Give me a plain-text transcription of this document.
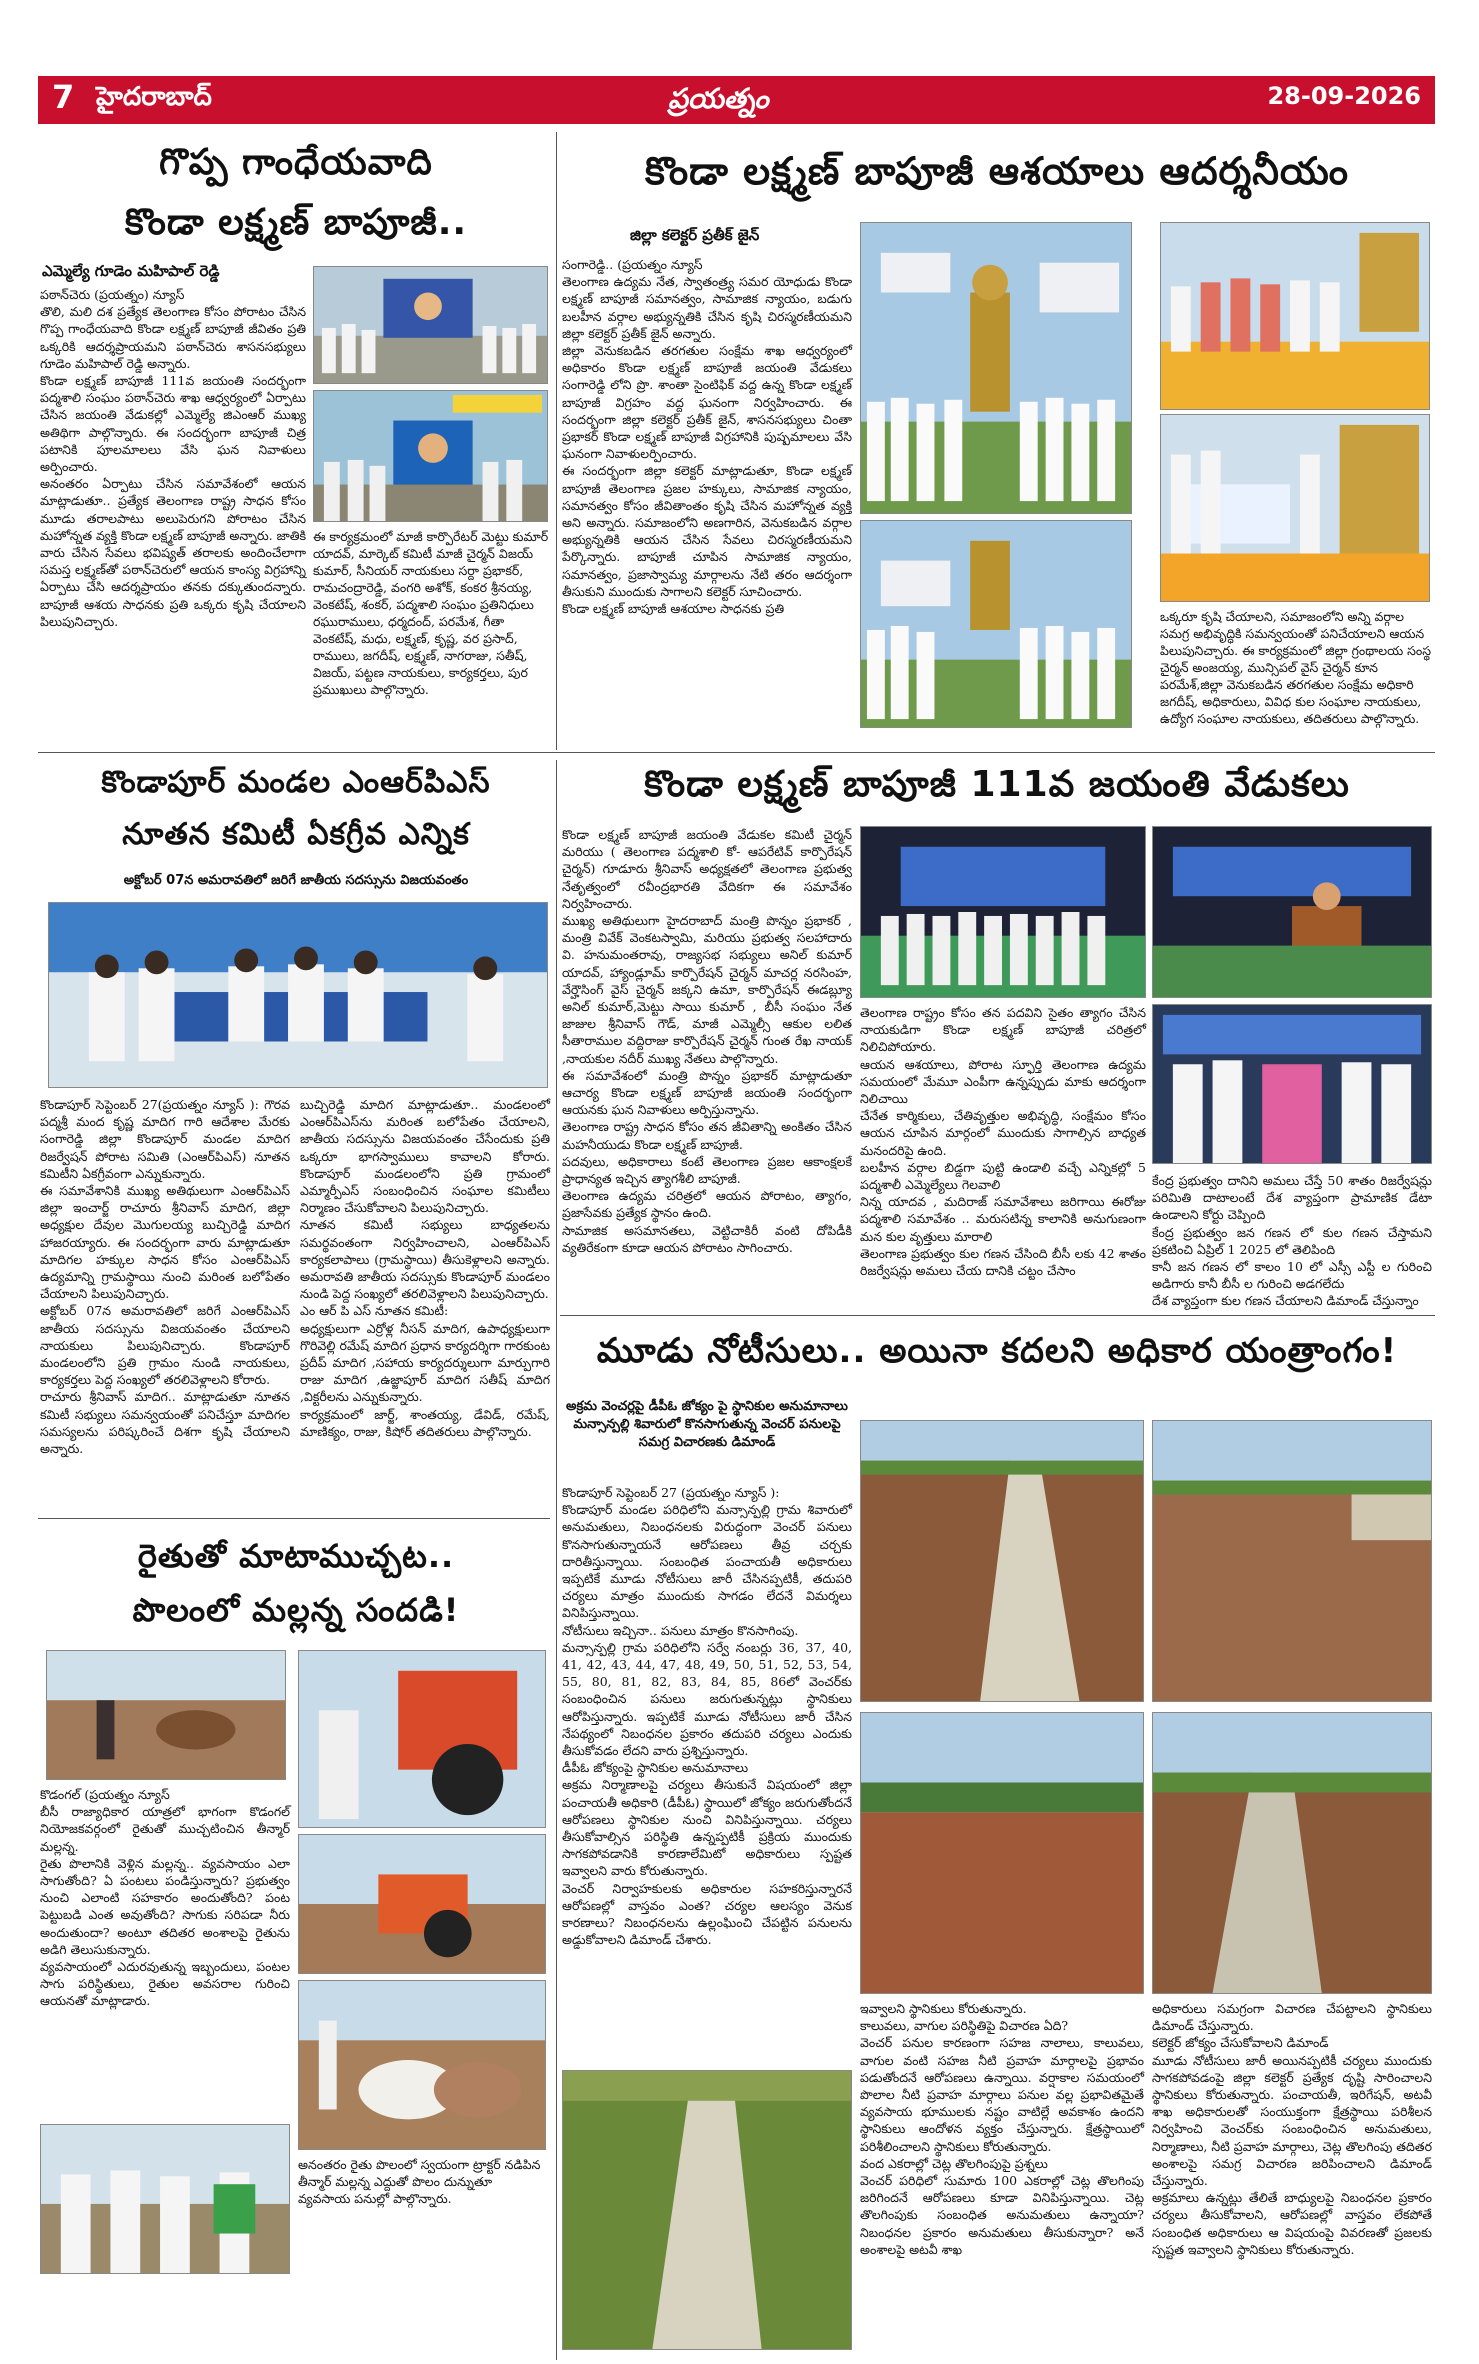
7 హైదరాబాద్	ప్రయత్నం	28-09-2026
గొప్ప గాంధేయవాది
కొండా లక్ష్మణ్ బాపూజీ..
ఎమ్మెల్యే గూడెం మహిపాల్ రెడ్డి
పఠాన్‌చెరు (ప్రయత్నం) న్యూస్
తొలి, మలి దశ ప్రత్యేక తెలంగాణ కోసం పోరాటం చేసిన గొప్ప గాంధేయవాది కొండా లక్ష్మణ్ బాపూజీ జీవితం ప్రతి ఒక్కరికి ఆదర్శప్రాయమని పఠాన్‌చెరు శాసనసభ్యులు గూడెం మహిపాల్ రెడ్డి అన్నారు.
కొండా లక్ష్మణ్ బాపూజీ 111వ జయంతి సందర్భంగా పద్మశాలి సంఘం పఠాన్‌చెరు శాఖ ఆధ్వర్యంలో ఏర్పాటు చేసిన జయంతి వేడుకల్లో ఎమ్మెల్యే జిఎంఆర్ ముఖ్య అతిథిగా పాల్గొన్నారు. ఈ సందర్భంగా బాపూజీ చిత్ర పటానికి పూలమాలలు వేసి ఘన నివాళులు అర్పించారు.
అనంతరం ఏర్పాటు చేసిన సమావేశంలో ఆయన మాట్లాడుతూ.. ప్రత్యేక తెలంగాణ రాష్ట్ర సాధన కోసం మూడు తరాలపాటు అలుపెరుగని పోరాటం చేసిన మహోన్నత వ్యక్తి కొండా లక్ష్మణ్ బాపూజీ అన్నారు. జాతికి వారు చేసిన సేవలు భవిష్యత్ తరాలకు అందించేలాగా సమస్త లక్ష్మణ్‌తో పఠాన్‌చెరులో ఆయన కాంస్య విగ్రహాన్ని ఏర్పాటు చేసి ఆదర్శప్రాయం తనకు దక్కుతుందన్నారు. బాపూజీ ఆశయ సాధనకు ప్రతి ఒక్కరు కృషి చేయాలని పిలుపునిచ్చారు.
ఈ కార్యక్రమంలో మాజీ కార్పొరేటర్ మెట్టు కుమార్ యాదవ్, మార్కెట్ కమిటీ మాజీ చైర్మన్ విజయ్ కుమార్, సీనియర్ నాయకులు సర్దా ప్రభాకర్, రామచంద్రారెడ్డి, వంగరి అశోక్, కంకర శ్రీనయ్య, వెంకటేష్, శంకర్, పద్మశాలి సంఘం ప్రతినిధులు రఘురాములు, ధర్మదంద్, పరమేశ, గీతా వెంకటేష్, మధు, లక్ష్మణ్, కృష్ణ, వర ప్రసాద్, రాములు, జగదీష్, లక్ష్మణ్, నాగరాజు, సతీష్, విజయ్, పట్టణ నాయకులు, కార్యకర్తలు, పుర ప్రముఖులు పాల్గొన్నారు.
కొండా లక్ష్మణ్ బాపూజీ ఆశయాలు ఆదర్శనీయం
జిల్లా కలెక్టర్ ప్రతీక్ జైన్
సంగారెడ్డి.. (ప్రయత్నం న్యూస్
తెలంగాణ ఉద్యమ నేత, స్వాతంత్ర్య సమర యోధుడు కొండా లక్ష్మణ్ బాపూజీ సమానత్వం, సామాజిక న్యాయం, బడుగు బలహీన వర్గాల అభ్యున్నతికి చేసిన కృషి చిరస్మరణీయమని జిల్లా కలెక్టర్ ప్రతీక్ జైన్ అన్నారు.
జిల్లా వెనుకబడిన తరగతుల సంక్షేమ శాఖ ఆధ్వర్యంలో అధికారం కొండా లక్ష్మణ్ బాపూజీ జయంతి వేడుకలు సంగారెడ్డి లోని ప్రొ. శాంతా సైంటిఫిక్ వద్ద ఉన్న కొండా లక్ష్మణ్ బాపూజీ విగ్రహం వద్ద ఘనంగా నిర్వహించారు. ఈ సందర్భంగా జిల్లా కలెక్టర్ ప్రతీక్ జైన్, శాసనసభ్యులు చింతా ప్రభాకర్ కొండా లక్ష్మణ్ బాపూజీ విగ్రహానికి పుష్పమాలలు వేసి ఘనంగా నివాళులర్పించారు.
ఈ సందర్భంగా జిల్లా కలెక్టర్ మాట్లాడుతూ, కొండా లక్ష్మణ్ బాపూజీ తెలంగాణ ప్రజల హక్కులు, సామాజిక న్యాయం, సమానత్వం కోసం జీవితాంతం కృషి చేసిన మహోన్నత వ్యక్తి అని అన్నారు. సమాజంలోని అణగారిన, వెనుకబడిన వర్గాల అభ్యున్నతికి ఆయన చేసిన సేవలు చిరస్మరణీయమని పేర్కొన్నారు. బాపూజీ చూపిన సామాజిక న్యాయం, సమానత్వం, ప్రజాస్వామ్య మార్గాలను నేటి తరం ఆదర్శంగా తీసుకుని ముందుకు సాగాలని కలెక్టర్ సూచించారు.
కొండా లక్ష్మణ్ బాపూజీ ఆశయాల సాధనకు ప్రతి
ఒక్కరూ కృషి చేయాలని, సమాజంలోని అన్ని వర్గాల సమగ్ర అభివృద్ధికి సమన్వయంతో పనిచేయాలని ఆయన పిలుపునిచ్చారు. ఈ కార్యక్రమంలో జిల్లా గ్రంథాలయ సంస్థ చైర్మన్ అంజయ్య, మున్సిపల్ వైస్ చైర్మన్ కూన పరమేశ్,జిల్లా వెనుకబడిన తరగతుల సంక్షేమ అధికారి జగదీష్, అధికారులు, వివిధ కుల సంఘాల నాయకులు, ఉద్యోగ సంఘాల నాయకులు, తదితరులు పాల్గొన్నారు.
కొండాపూర్ మండల ఎంఆర్‌పిఎస్
నూతన కమిటీ ఏకగ్రీవ ఎన్నిక
అక్టోబర్ 07న అమరావతిలో జరిగే జాతీయ సదస్సును విజయవంతం
కొండాపూర్ సెప్టెంబర్ 27(ప్రయత్నం న్యూస్ ): గౌరవ పద్మశ్రీ మంద కృష్ణ మాదిగ గారి ఆదేశాల మేరకు సంగారెడ్డి జిల్లా కొండాపూర్ మండల మాదిగ రిజర్వేషన్ పోరాట సమితి (ఎంఆర్‌పిఎస్) నూతన కమిటీని ఏకగ్రీవంగా ఎన్నుకున్నారు.
ఈ సమావేశానికి ముఖ్య అతిథులుగా ఎంఆర్‌పిఎస్ జిల్లా ఇంచార్జ్ రాచూరు శ్రీనివాస్ మాదిగ, జిల్లా అధ్యక్షుల దేవుల మొగులయ్య బుచ్చిరెడ్డి మాదిగ హాజరయ్యారు. ఈ సందర్భంగా వారు మాట్లాడుతూ మాదిగల హక్కుల సాధన కోసం ఎంఆర్‌పిఎస్ ఉద్యమాన్ని గ్రామస్థాయి నుంచి మరింత బలోపేతం చేయాలని పిలుపునిచ్చారు.
అక్టోబర్ 07న అమరావతిలో జరిగే ఎంఆర్‌పిఎస్ జాతీయ సదస్సును విజయవంతం చేయాలని నాయకులు పిలుపునిచ్చారు. కొండాపూర్ మండలంలోని ప్రతి గ్రామం నుండి నాయకులు, కార్యకర్తలు పెద్ద సంఖ్యలో తరలివెళ్లాలని కోరారు.
రాచూరు శ్రీనివాస్ మాదిగ.. మాట్లాడుతూ నూతన కమిటీ సభ్యులు సమన్వయంతో పనిచేస్తూ మాదిగల సమస్యలను పరిష్కరించే దిశగా కృషి చేయాలని అన్నారు.
బుచ్చిరెడ్డి మాదిగ మాట్లాడుతూ.. మండలంలో ఎంఆర్‌పిఎస్‌ను మరింత బలోపేతం చేయాలని, జాతీయ సదస్సును విజయవంతం చేసేందుకు ప్రతి ఒక్కరూ భాగస్వాములు కావాలని కోరారు. కొండాపూర్ మండలంలోని ప్రతి గ్రామంలో ఎమ్మార్పీఎస్ సంబంధించిన సంఘాల కమిటీలు నిర్మాణం చేసుకోవాలని పిలుపునిచ్చారు.
నూతన కమిటీ సభ్యులు బాధ్యతలను సమర్థవంతంగా నిర్వహించాలని, ఎంఆర్‌పిఎస్ కార్యకలాపాలు (గ్రామస్థాయి) తీసుకెళ్లాలని అన్నారు. అమరావతి జాతీయ సదస్సుకు కొండాపూర్ మండలం నుండి పెద్ద సంఖ్యలో తరలివెళ్లాలని పిలుపునిచ్చారు.
ఎం ఆర్ పి ఎస్ నూతన కమిటీ:
అధ్యక్షులుగా ఎర్రోళ్ల నీసన్ మాదిగ, ఉపాధ్యక్షులుగా గొరివెల్లి రమేష్ మాదిగ ప్రధాన కార్యదర్శిగా గారకుంట ప్రదీప్ మాదిగ ,సహాయ కార్యదర్శులుగా మార్పుగారి రాజు మాదిగ ,ఉజ్జాపూర్ మాదిగ సతీష్ మాదిగ ,విక్టరీ‌లను ఎన్నుకున్నారు.
కార్యక్రమంలో జార్జ్, శాంతయ్య, డేవిడ్, రమేష్, మాణిక్యం, రాజు, కిషోర్ తదితరులు పాల్గొన్నారు.
రైతుతో మాటాముచ్చట..
పొలంలో మల్లన్న సందడి!
కొడంగల్ (ప్రయత్నం న్యూస్
బీసీ రాజ్యాధికార యాత్రలో భాగంగా కొడంగల్ నియోజకవర్గంలో రైతుతో ముచ్చటించిన తీన్మార్ మల్లన్న.
రైతు పొలానికి వెళ్లిన మల్లన్న.. వ్యవసాయం ఎలా సాగుతోంది? ఏ పంటలు పండిస్తున్నారు? ప్రభుత్వం నుంచి ఎలాంటి సహకారం అందుతోంది? పంట పెట్టుబడి ఎంత అవుతోంది? సాగుకు సరిపడా నీరు అందుతుందా? అంటూ తదితర అంశాలపై రైతును అడిగి తెలుసుకున్నారు.
వ్యవసాయంలో ఎదురవుతున్న ఇబ్బందులు, పంటల సాగు పరిస్థితులు, రైతుల అవసరాల గురించి ఆయనతో మాట్లాడారు.
అనంతరం రైతు పొలంలో స్వయంగా ట్రాక్టర్ నడిపిన తీన్మార్ మల్లన్న ఎద్దుతో పొలం దున్నుతూ వ్యవసాయ పనుల్లో పాల్గొన్నారు.
కొండా లక్ష్మణ్ బాపూజీ 111వ జయంతి వేడుకలు
కొండా లక్ష్మణ్ బాపూజీ జయంతి వేడుకల కమిటీ చైర్మన్ మరియు ( తెలంగాణ పద్మశాలి కో- ఆపరేటివ్ కార్పొరేషన్ చైర్మన్) గూడూరు శ్రీనివాస్ అధ్యక్షతలో తెలంగాణ ప్రభుత్వ నేతృత్వంలో రవీంద్రభారతి వేదికగా ఈ సమావేశం నిర్వహించారు.
ముఖ్య అతిథులుగా హైదరాబాద్ మంత్రి పొన్నం ప్రభాకర్ , మంత్రి వివేక్ వెంకటస్వామి, మరియు ప్రభుత్వ సలహాదారు వి. హనుమంతరావు, రాజ్యసభ సభ్యులు అనిల్ కుమార్ యాదవ్, హ్యాండ్లూమ్ కార్పొరేషన్ చైర్మన్ మాచర్ల నరసింహ, వేర్హౌసింగ్ వైస్ చైర్మన్ జక్కని ఉమా, కార్పొరేషన్ ఈడబ్ల్యూ అనిల్ కుమార్,మెట్టు సాయి కుమార్ , బీసీ సంఘం నేత జాజుల శ్రీనివాస్ గౌడ్, మాజీ ఎమ్మెల్సీ ఆకుల లలిత సీతారాముల వద్దిరాజు కార్పొరేషన్ చైర్మన్ గుంత రేఖ నాయక్ ,నాయకుల నదీర్ ముఖ్య నేతలు పాల్గొన్నారు.
ఈ సమావేశంలో మంత్రి పొన్నం ప్రభాకర్ మాట్లాడుతూ ఆచార్య కొండా లక్ష్మణ్ బాపూజీ జయంతి సందర్భంగా ఆయనకు ఘన నివాళులు అర్పిస్తున్నాను.
తెలంగాణ రాష్ట్ర సాధన కోసం తన జీవితాన్ని అంకితం చేసిన మహనీయుడు కొండా లక్ష్మణ్ బాపూజీ.
పదవులు, అధికారాలు కంటే తెలంగాణ ప్రజల ఆకాంక్షలకే ప్రాధాన్యత ఇచ్చిన త్యాగశీలి బాపూజీ.
తెలంగాణ ఉద్యమ చరిత్రలో ఆయన పోరాటం, త్యాగం, ప్రజాసేవకు ప్రత్యేక స్థానం ఉంది.
సామాజిక అసమానతలు, వెట్టిచాకిరీ వంటి దోపిడీకి వ్యతిరేకంగా కూడా ఆయన పోరాటం సాగించారు.
తెలంగాణ రాష్ట్రం కోసం తన పదవిని సైతం త్యాగం చేసిన నాయకుడిగా కొండా లక్ష్మణ్ బాపూజీ చరిత్రలో నిలిచిపోయారు.
ఆయన ఆశయాలు, పోరాట స్ఫూర్తి తెలంగాణ ఉద్యమ సమయంలో మేమూ ఎంపీగా ఉన్నప్పుడు మాకు ఆదర్శంగా నిలిచాయి
చేనేత కార్మికులు, చేతివృత్తుల అభివృద్ధి, సంక్షేమం కోసం ఆయన చూపిన మార్గంలో ముందుకు సాగాల్సిన బాధ్యత మనందరిపై ఉంది.
బలహీన వర్గాల బిడ్డగా పుట్టి ఉండాలి వచ్చే ఎన్నికల్లో 5 పద్మశాలీ ఎమ్మెల్యేలు గెలవాలి
నిన్న యాదవ , మదిరాజ్ సమావేశాలు జరిగాయి ఈరోజు పద్మశాలి సమావేశం .. మరుసటిన్న కాలానికి అనుగుణంగా మన కుల వృత్తులు మారాలి
తెలంగాణ ప్రభుత్వం కుల గణన చేసింది బీసీ లకు 42 శాతం రిజర్వేషన్లు అమలు చేయ దానికి చట్టం చేసాం
కేంద్ర ప్రభుత్వం దానిని అమలు చేస్తే 50 శాతం రిజర్వేషన్లు పరిమితి దాటాలంటే దేశ వ్యాప్తంగా ప్రామాణిక డేటా ఉండాలని కోర్టు చెప్పింది
కేంద్ర ప్రభుత్వం జన గణన లో కుల గణన చేస్తామని ప్రకటించి ఏప్రిల్ 1 2025 లో తెలిపింది
కానీ జన గణన లో కాలం 10 లో ఎస్సీ ఎస్టీ ల గురించి అడిగారు కానీ బీసీ ల గురించి అడగలేదు
దేశ వ్యాప్తంగా కుల గణన చేయాలని డిమాండ్ చేస్తున్నాం
మూడు నోటీసులు.. అయినా కదలని అధికార యంత్రాంగం!
అక్రమ వెంచర్లపై డీపీఓ జోక్యం పై స్థానికుల అనుమానాలు
మన్సాన్పల్లి శివారులో కొనసాగుతున్న వెంచర్ పనులపై సమగ్ర విచారణకు డిమాండ్
కొండాపూర్ సెప్టెంబర్ 27 (ప్రయత్నం న్యూస్ ):
కొండాపూర్ మండల పరిధిలోని మన్సాన్పల్లి గ్రామ శివారులో అనుమతులు, నిబంధనలకు విరుద్ధంగా వెంచర్ పనులు కొనసాగుతున్నాయనే ఆరోపణలు తీవ్ర చర్చకు దారితీస్తున్నాయి. సంబంధిత పంచాయతీ అధికారులు ఇప్పటికే మూడు నోటీసులు జారీ చేసినప్పటికీ, తదుపరి చర్యలు మాత్రం ముందుకు సాగడం లేదనే విమర్శలు వినిపిస్తున్నాయి.
నోటీసులు ఇచ్చినా.. పనులు మాత్రం కొనసాగింపు.
మన్సాన్పల్లి గ్రామ పరిధిలోని సర్వే నంబర్లు 36, 37, 40, 41, 42, 43, 44, 47, 48, 49, 50, 51, 52, 53, 54, 55, 80, 81, 82, 83, 84, 85, 86లో వెంచర్‌కు సంబంధించిన పనులు జరుగుతున్నట్లు స్థానికులు ఆరోపిస్తున్నారు. ఇప్పటికే మూడు నోటీసులు జారీ చేసిన నేపథ్యంలో నిబంధనల ప్రకారం తదుపరి చర్యలు ఎందుకు తీసుకోవడం లేదని వారు ప్రశ్నిస్తున్నారు.
డీపీఓ జోక్యంపై స్థానికుల అనుమానాలు
అక్రమ నిర్మాణాలపై చర్యలు తీసుకునే విషయంలో జిల్లా పంచాయతీ అధికారి (డీపీఓ) స్థాయిలో జోక్యం జరుగుతోందనే ఆరోపణలు స్థానికుల నుంచి వినిపిస్తున్నాయి. చర్యలు తీసుకోవాల్సిన పరిస్థితి ఉన్నప్పటికీ ప్రక్రియ ముందుకు సాగకపోవడానికి కారణాలేమిటో అధికారులు స్పష్టత ఇవ్వాలని వారు కోరుతున్నారు.
వెంచర్ నిర్వాహకులకు అధికారుల సహకరిస్తున్నారనే ఆరోపణల్లో వాస్తవం ఎంత? చర్యల ఆలస్యం వెనుక కారణాలు? నిబంధనలను ఉల్లంఘించి చేపట్టిన పనులను అడ్డుకోవాలని డిమాండ్ చేశారు.
ఇవ్వాలని స్థానికులు కోరుతున్నారు.
కాలువలు, వాగుల పరిస్థితిపై విచారణ ఏది?
వెంచర్ పనుల కారణంగా సహజ నాలాలు, కాలువలు, వాగుల వంటి సహజ నీటి ప్రవాహ మార్గాలపై ప్రభావం పడుతోందనే ఆరోపణలు ఉన్నాయి. వర్షాకాల సమయంలో పొలాల నీటి ప్రవాహ మార్గాలు పనుల వల్ల ప్రభావితమైతే వ్యవసాయ భూములకు నష్టం వాటిల్లే అవకాశం ఉందని స్థానికులు ఆందోళన వ్యక్తం చేస్తున్నారు. క్షేత్రస్థాయిలో పరిశీలించాలని స్థానికులు కోరుతున్నారు.
వంద ఎకరాల్లో చెట్ల తొలగింపుపై ప్రశ్నలు
వెంచర్ పరిధిలో సుమారు 100 ఎకరాల్లో చెట్ల తొలగింపు జరిగిందనే ఆరోపణలు కూడా వినిపిస్తున్నాయి. చెట్ల తొలగింపుకు సంబంధిత అనుమతులు ఉన్నాయా? నిబంధనల ప్రకారం అనుమతులు తీసుకున్నారా? అనే అంశాలపై అటవీ శాఖ
అధికారులు సమగ్రంగా విచారణ చేపట్టాలని స్థానికులు డిమాండ్ చేస్తున్నారు.
కలెక్టర్ జోక్యం చేసుకోవాలని డిమాండ్
మూడు నోటీసులు జారీ అయినప్పటికీ చర్యలు ముందుకు సాగకపోవడంపై జిల్లా కలెక్టర్ ప్రత్యేక దృష్టి సారించాలని స్థానికులు కోరుతున్నారు. పంచాయతీ, ఇరిగేషన్, అటవీ శాఖ అధికారులతో సంయుక్తంగా క్షేత్రస్థాయి పరిశీలన నిర్వహించి వెంచర్‌కు సంబంధించిన అనుమతులు, నిర్మాణాలు, నీటి ప్రవాహ మార్గాలు, చెట్ల తొలగింపు తదితర అంశాలపై సమగ్ర విచారణ జరిపించాలని డిమాండ్ చేస్తున్నారు.
అక్రమాలు ఉన్నట్లు తేలితే బాధ్యులపై నిబంధనల ప్రకారం చర్యలు తీసుకోవాలని, ఆరోపణల్లో వాస్తవం లేకపోతే సంబంధిత అధికారులు ఆ విషయంపై వివరణతో ప్రజలకు స్పష్టత ఇవ్వాలని స్థానికులు కోరుతున్నారు.
